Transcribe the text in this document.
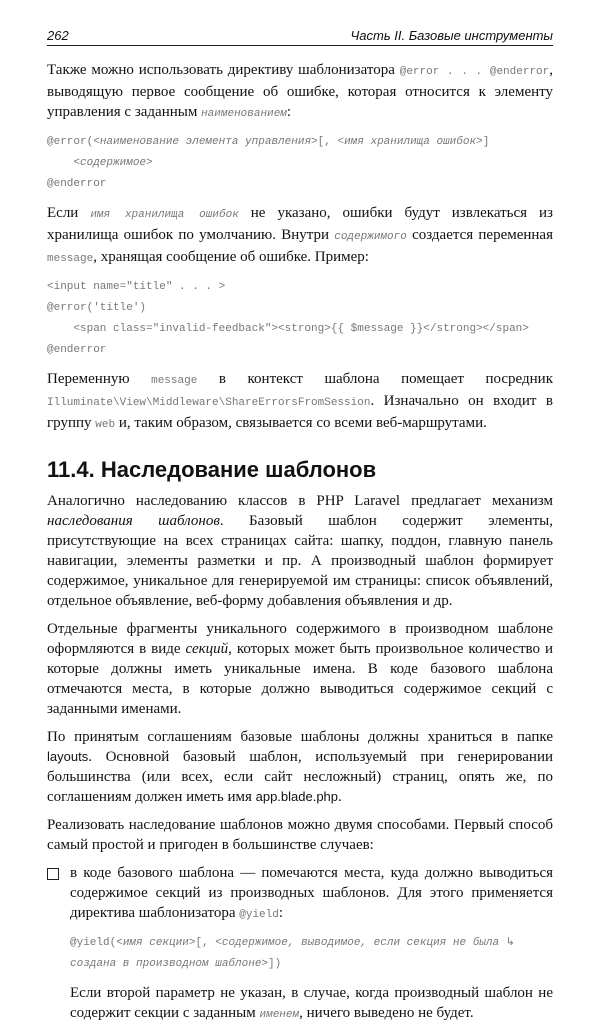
262	Часть II. Базовые инструменты

Также можно использовать директиву шаблонизатора @error . . . @enderror, выводящую первое сообщение об ошибке, которая относится к элементу управления с заданным наименованием:

@error(<наименование элемента управления>[, <имя хранилища ошибок>]
<содержимое>
@enderror

Если имя хранилища ошибок не указано, ошибки будут извлекаться из хранилища ошибок по умолчанию. Внутри содержимого создается переменная message, хранящая сообщение об ошибке. Пример:

<input name="title" . . . >
@error('title')
<span class="invalid-feedback"><strong>{{ $message }}</strong></span>
@enderror

Переменную message в контекст шаблона помещает посредник Illuminate\View\Middleware\ShareErrorsFromSession. Изначально он входит в группу web и, таким образом, связывается со всеми веб-маршрутами.

11.4. Наследование шаблонов

Аналогично наследованию классов в PHP Laravel предлагает механизм наследования шаблонов. Базовый шаблон содержит элементы, присутствующие на всех страницах сайта: шапку, поддон, главную панель навигации, элементы разметки и пр. А производный шаблон формирует содержимое, уникальное для генерируемой им страницы: список объявлений, отдельное объявление, веб-форму добавления объявления и др.

Отдельные фрагменты уникального содержимого в производном шаблоне оформляются в виде секций, которых может быть произвольное количество и которые должны иметь уникальные имена. В коде базового шаблона отмечаются места, в которые должно выводиться содержимое секций с заданными именами.

По принятым соглашениям базовые шаблоны должны храниться в папке layouts. Основной базовый шаблон, используемый при генерировании большинства (или всех, если сайт несложный) страниц, опять же, по соглашениям должен иметь имя app.blade.php.

Реализовать наследование шаблонов можно двумя способами. Первый способ самый простой и пригоден в большинстве случаев:

в коде базового шаблона — помечаются места, куда должно выводиться содержимое секций из производных шаблонов. Для этого применяется директива шаблонизатора @yield:

@yield(<имя секции>[, <содержимое, выводимое, если секция не была ↳
создана в производном шаблоне>])

Если второй параметр не указан, в случае, когда производный шаблон не содержит секции с заданным именем, ничего выведено не будет.
